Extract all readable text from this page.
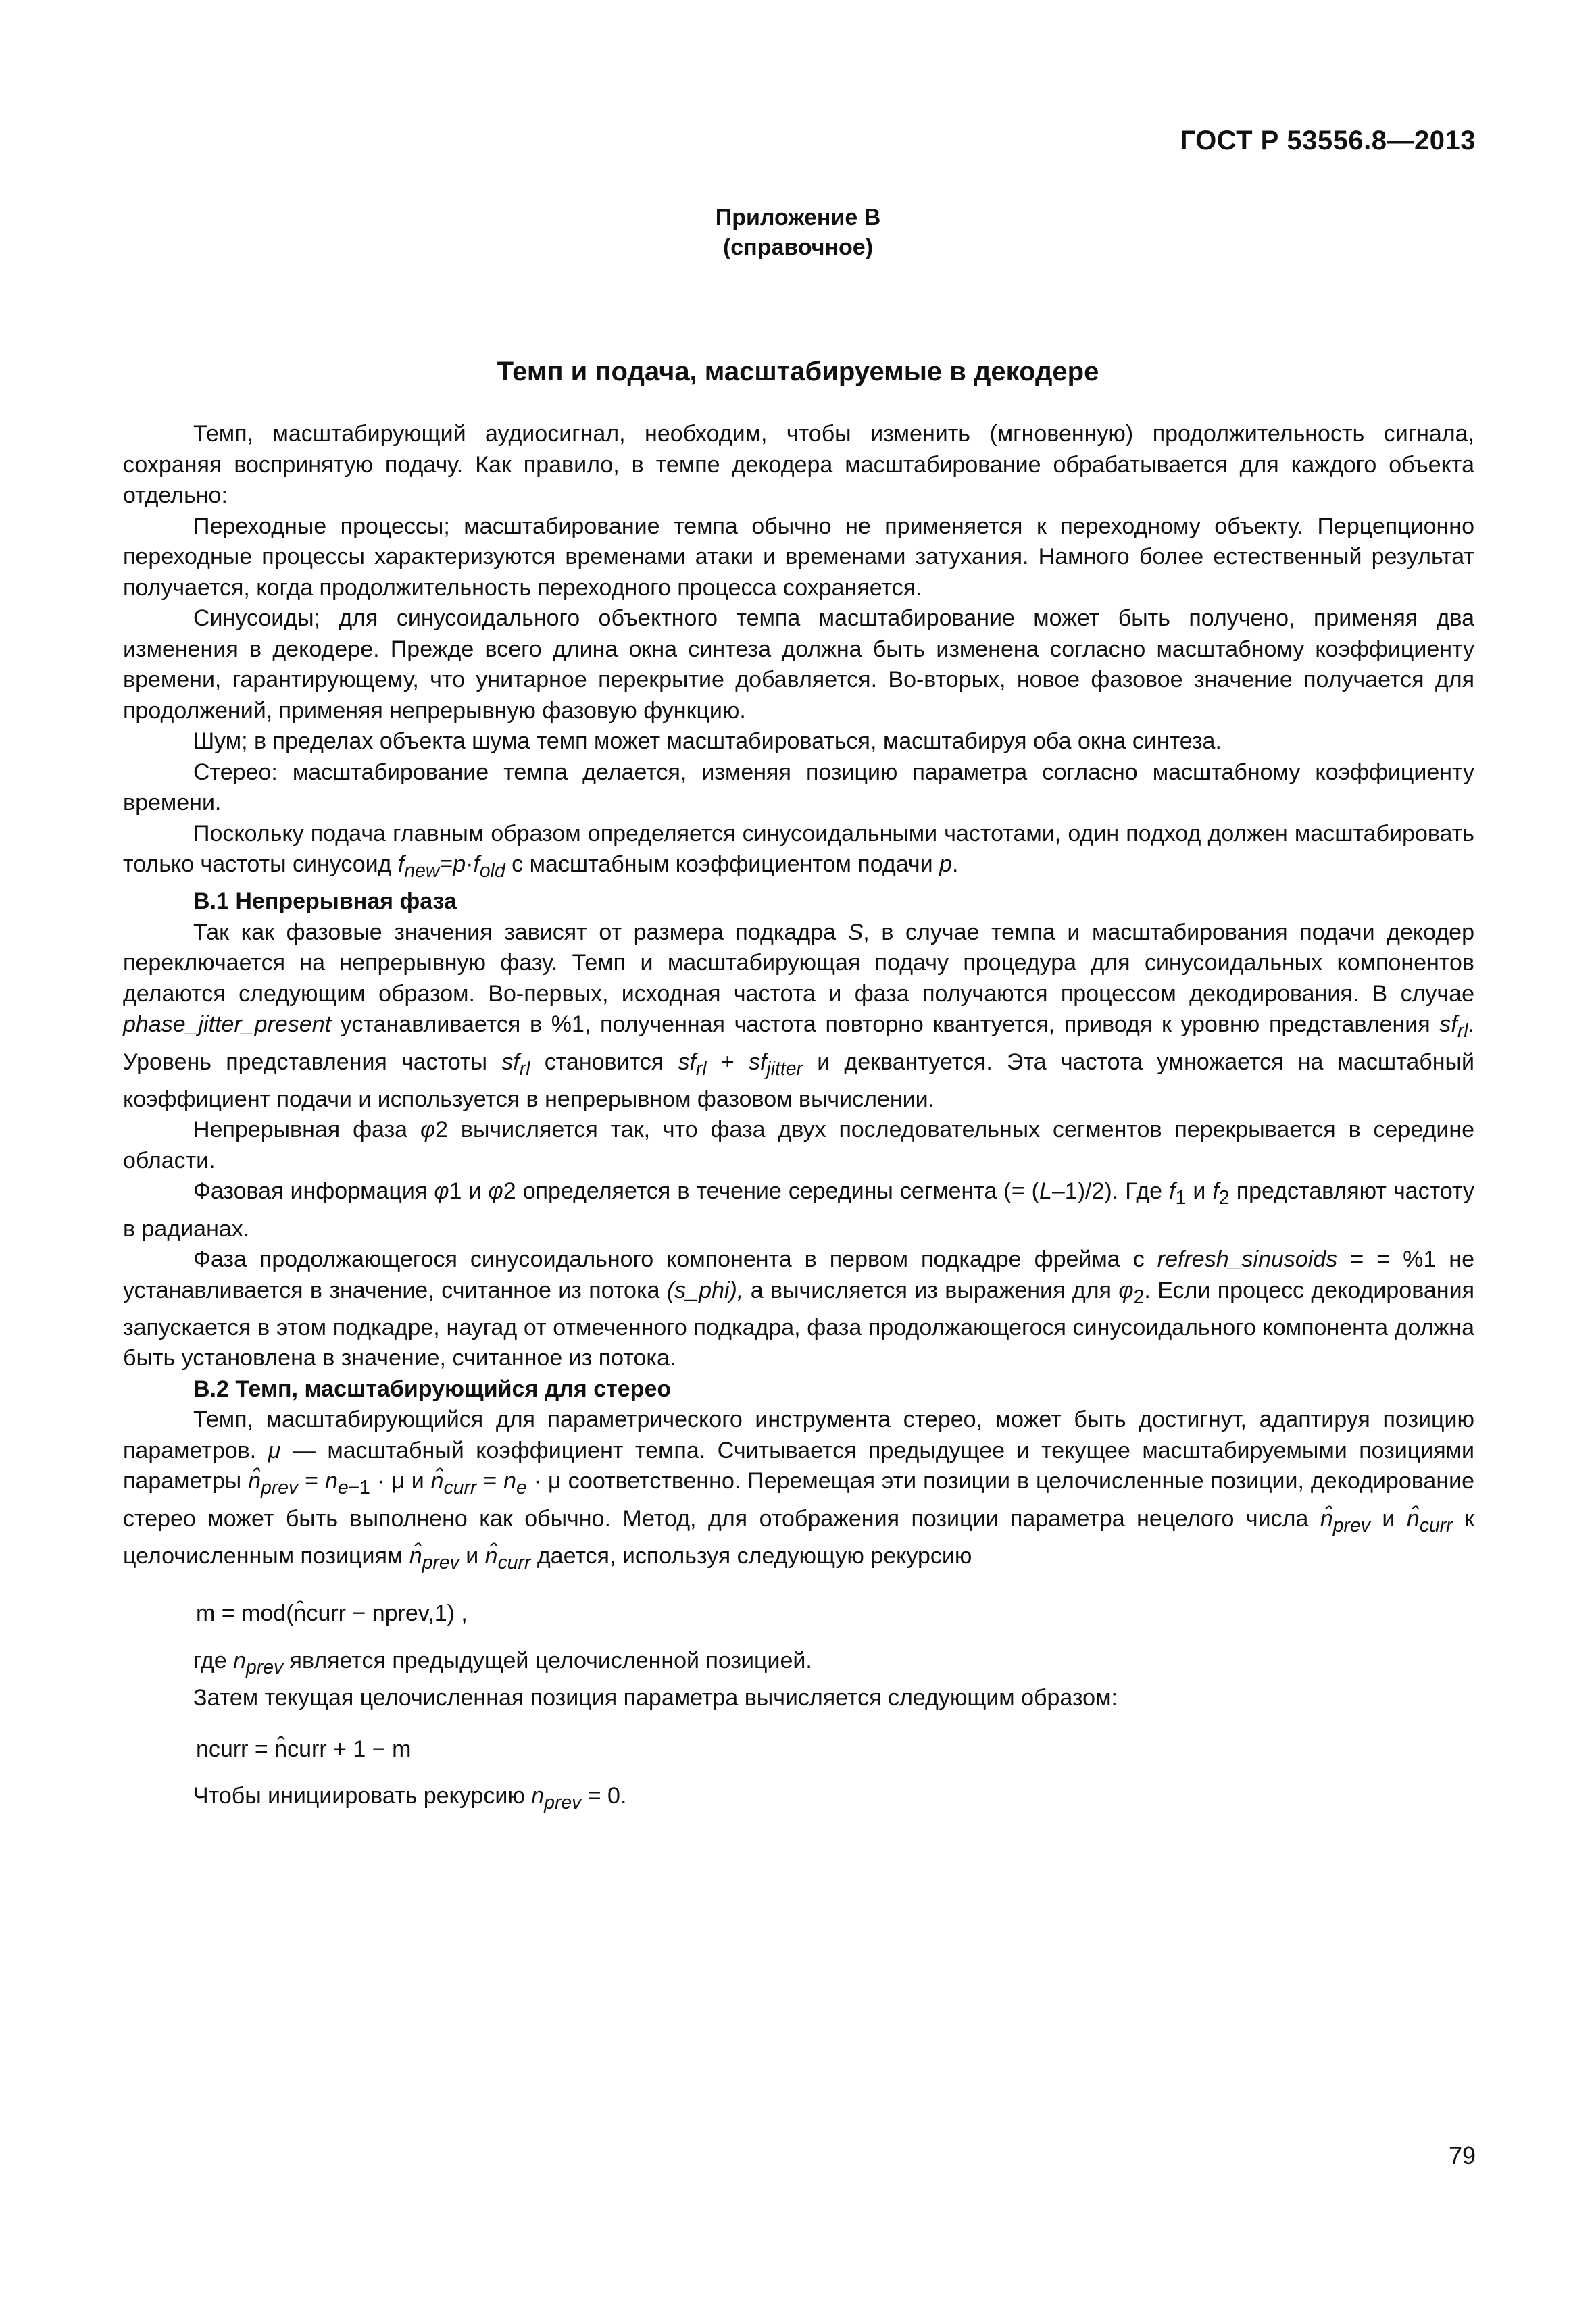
ГОСТ Р 53556.8—2013
Приложение В
(справочное)
Темп и подача, масштабируемые в декодере

Темп, масштабирующий аудиосигнал, необходим, чтобы изменить (мгновенную) продолжительность сигнала, сохраняя воспринятую подачу. Как правило, в темпе декодера масштабирование обрабатывается для каждого объекта отдельно:

Переходные процессы; масштабирование темпа обычно не применяется к переходному объекту. Перцепционно переходные процессы характеризуются временами атаки и временами затухания. Намного более естественный результат получается, когда продолжительность переходного процесса сохраняется.

Синусоиды; для синусоидального объектного темпа масштабирование может быть получено, применяя два изменения в декодере. Прежде всего длина окна синтеза должна быть изменена согласно масштабному коэффициенту времени, гарантирующему, что унитарное перекрытие добавляется. Во-вторых, новое фазовое значение получается для продолжений, применяя непрерывную фазовую функцию.

Шум; в пределах объекта шума темп может масштабироваться, масштабируя оба окна синтеза.

Стерео: масштабирование темпа делается, изменяя позицию параметра согласно масштабному коэффициенту времени.

Поскольку подача главным образом определяется синусоидальными частотами, один подход должен масштабировать только частоты синусоид $f_{new}=p\cdot f_{old}$ с масштабным коэффициентом подачи p.

В.1 Непрерывная фаза

Так как фазовые значения зависят от размера подкадра S, в случае темпа и масштабирования подачи декодер переключается на непрерывную фазу. Темп и масштабирующая подачу процедура для синусоидальных компонентов делаются следующим образом. Во-первых, исходная частота и фаза получаются процессом декодирования. В случае phase_jitter_present устанавливается в %1, полученная частота повторно квантуется, приводя к уровню представления $sf_{rl}$. Уровень представления частоты $sf_{rl}$ становится $sf_{rl} + sf_{jitter}$ и деквантуется. Эта частота умножается на масштабный коэффициент подачи и используется в непрерывном фазовом вычислении.

Непрерывная фаза φ2 вычисляется так, что фаза двух последовательных сегментов перекрывается в середине области.

Фазовая информация φ1 и φ2 определяется в течение середины сегмента (= (L–1)/2). Где $f_1$ и $f_2$ представляют частоту в радианах.

Фаза продолжающегося синусоидального компонента в первом подкадре фрейма с refresh_sinusoids = = %1 не устанавливается в значение, считанное из потока (s_phi), а вычисляется из выражения для $\varphi_2$. Если процесс декодирования запускается в этом подкадре, наугад от отмеченного подкадра, фаза продолжающегося синусоидального компонента должна быть установлена в значение, считанное из потока.

В.2 Темп, масштабирующийся для стерео

Темп, масштабирующийся для параметрического инструмента стерео, может быть достигнут, адаптируя позицию параметров. μ — масштабный коэффициент темпа. Считывается предыдущее и текущее масштабируемыми позициями параметры $n̂_{prev} = n_{e-1} \cdot \mu$ и $n̂_{curr} = n_e \cdot \mu$ соответственно. Перемещая эти позиции в целочисленные позиции, декодирование стерео может быть выполнено как обычно. Метод, для отображения позиции параметра нецелого числа $n̂_{prev}$ и $n̂_{curr}$ к целочисленным позициям $n̂_{prev}$ и $n̂_{curr}$ дается, используя следующую рекурсию

m = mod(n̂curr − nprev,1) ,

где $n_{prev}$ является предыдущей целочисленной позицией.

Затем текущая целочисленная позиция параметра вычисляется следующим образом:

ncurr = n̂curr + 1 − m

Чтобы инициировать рекурсию $n_{prev} = 0$.

79
